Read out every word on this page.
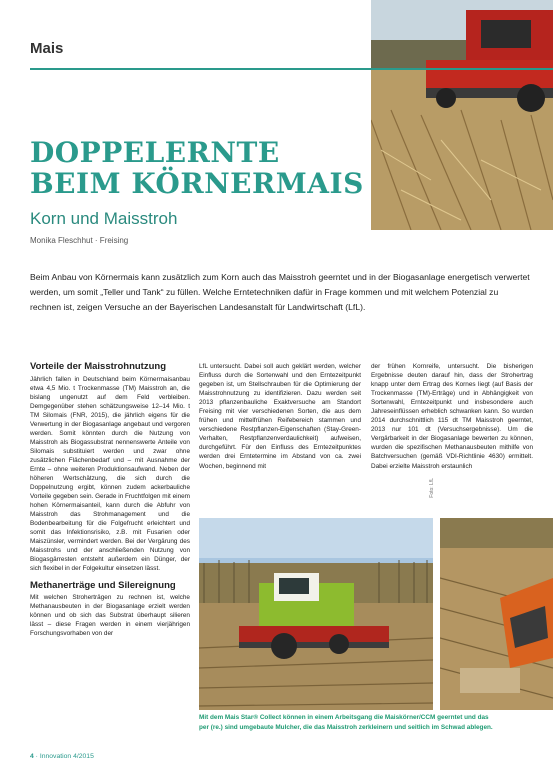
Mais
DOPPELERNTE
BEIM KÖRNERMAIS
Korn und Maisstroh
Monika Fleschhut · Freising
Beim Anbau von Körnermais kann zusätzlich zum Korn auch das Maisstroh geerntet und in der Biogasanlage energetisch verwertet werden, um somit „Teller und Tank“ zu füllen. Welche Erntetechniken dafür in Frage kommen und mit welchem Potenzial zu rechnen ist, zeigen Versuche an der Bayerischen Landesanstalt für Landwirtschaft (LfL).
Vorteile der Maisstrohnutzung

Jährlich fallen in Deutschland beim Körnermaisanbau etwa 4,5 Mio. t Trockenmasse (TM) Maisstroh an, die bislang ungenutzt auf dem Feld verbleiben. Demgegenüber stehen schätzungsweise 12–14 Mio. t TM Silomais (FNR, 2015), die jährlich eigens für die Verwertung in der Biogasanlage angebaut und vergoren werden. Somit könnten durch die Nutzung von Maisstroh als Biogassubstrat nennenswerte Anteile von Silomais substituiert werden und zwar ohne zusätzlichen Flächenbedarf und – mit Ausnahme der Ernte – ohne weiteren Produktionsaufwand. Neben der höheren Wertschätzung, die sich durch die Doppelnutzung ergibt, können zudem ackerbauliche Vorteile gegeben sein. Gerade in Fruchtfolgen mit einem hohen Körnermaisanteil, kann durch die Abfuhr von Maisstroh das Strohmanagement und die Bodenbearbeitung für die Folgefrucht erleichtert und somit das Infektionsrisiko, z.B. mit Fusarien oder Maiszünsler, vermindert werden. Bei der Vergärung des Maisstrohs und der anschließenden Nutzung von Biogasgärresten entsteht außerdem ein Dünger, der sich flexibel in der Folgekultur einsetzen lässt.

Methanerträge und Silereignung

Mit welchen Stroherträgen zu rechnen ist, welche Methanausbeuten in der Biogasanlage erzielt werden können und ob sich das Substrat überhaupt silieren lässt – diese Fragen werden in einem vierjährigen Forschungsvorhaben von der

LfL untersucht. Dabei soll auch geklärt werden, welcher Einfluss durch die Sortenwahl und den Erntezeitpunkt gegeben ist, um Stellschrauben für die Optimierung der Maisstrohnutzung zu identifizieren. Dazu werden seit 2013 pflanzenbauliche Exaktversuche am Standort Freising mit vier verschiedenen Sorten, die aus dem frühen und mittelfrühen Reifebereich stammen und verschiedene Restpflanzen-Eigenschaften (Stay-Green-Verhalten, Restpflanzenverdaulichkeit) aufweisen, durchgeführt. Für den Einfluss des Erntezeitpunktes werden drei Erntetermine im Abstand von ca. zwei Wochen, beginnend mit

der frühen Kornreife, untersucht. Die bisherigen Ergebnisse deuten darauf hin, dass der Strohertrag knapp unter dem Ertrag des Kornes liegt (auf Basis der Trockenmasse (TM)-Erträge) und in Abhängigkeit von Sortenwahl, Erntezeitpunkt und insbesondere auch Jahreseinflüssen erheblich schwanken kann. So wurden 2014 durchschnittlich 115 dt TM Maisstroh geerntet, 2013 nur 101 dt (Versuchsergebnisse). Um die Vergärbarkeit in der Biogasanlage bewerten zu können, wurden die spezifischen Methanausbeuten mithilfe von Batchversuchen (gemäß VDI-Richtlinie 4630) ermittelt. Dabei erzielte Maisstroh erstaunlich

Foto: LfL
Mit dem Mais Star® Collect können in einem Arbeitsgang die Maiskörner/CCM geerntet und das
per (re.) sind umgebaute Mulcher, die das Maisstroh zerkleinern und seitlich im Schwad ablegen.
4 · Innovation 4/2015
